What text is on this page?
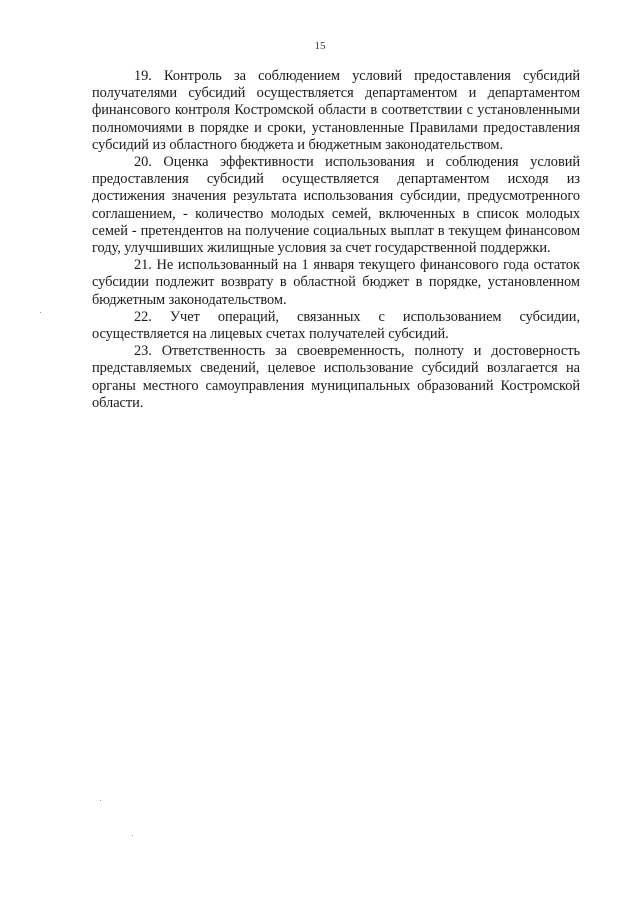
15

19. Контроль за соблюдением условий предоставления субсидий получателями субсидий осуществляется департаментом и департаментом финансового контроля Костромской области в соответствии с установленными полномочиями в порядке и сроки, установленные Правилами предоставления субсидий из областного бюджета и бюджетным законодательством.

20. Оценка эффективности использования и соблюдения условий предоставления субсидий осуществляется департаментом исходя из достижения значения результата использования субсидии, предусмотренного соглашением, - количество молодых семей, включенных в список молодых семей - претендентов на получение социальных выплат в текущем финансовом году, улучшивших жилищные условия за счет государственной поддержки.

21. Не использованный на 1 января текущего финансового года остаток субсидии подлежит возврату в областной бюджет в порядке, установленном бюджетным законодательством.

22. Учет операций, связанных с использованием субсидии, осуществляется на лицевых счетах получателей субсидий.

23. Ответственность за своевременность, полноту и достоверность представляемых сведений, целевое использование субсидий возлагается на органы местного самоуправления муниципальных образований Костромской области.
